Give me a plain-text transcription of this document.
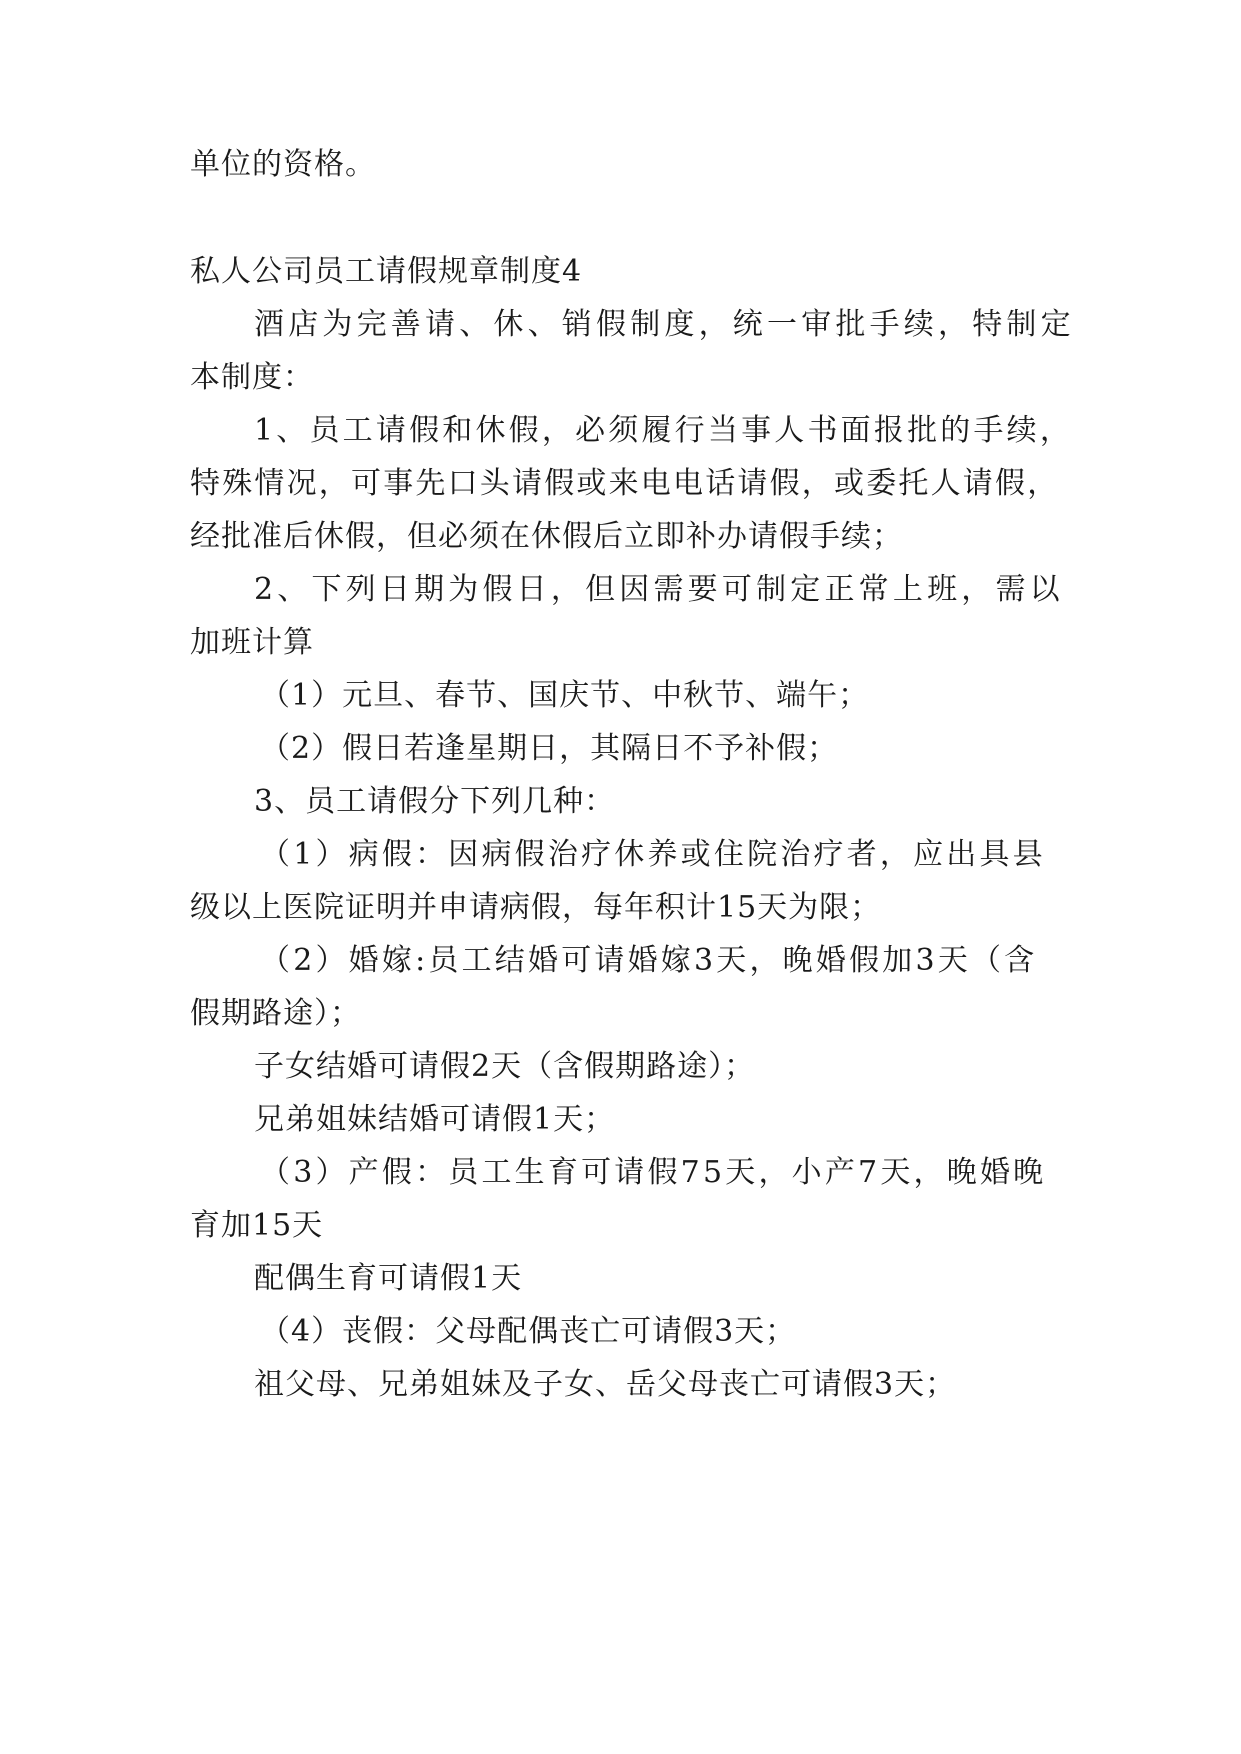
单位的资格。
私人公司员工请假规章制度4
酒店为完善请、休、销假制度，统一审批手续，特制定
本制度：
1、员工请假和休假，必须履行当事人书面报批的手续，
特殊情况，可事先口头请假或来电电话请假，或委托人请假，
经批准后休假，但必须在休假后立即补办请假手续；
2、下列日期为假日，但因需要可制定正常上班，需以
加班计算
（1）元旦、春节、国庆节、中秋节、端午；
（2）假日若逢星期日，其隔日不予补假；
3、员工请假分下列几种：
（1）病假：因病假治疗休养或住院治疗者，应出具县
级以上医院证明并申请病假，每年积计15天为限；
（2）婚嫁:员工结婚可请婚嫁3天，晚婚假加3天（含
假期路途）；
子女结婚可请假2天（含假期路途）；
兄弟姐妹结婚可请假1天；
（3）产假：员工生育可请假75天，小产7天，晚婚晚
育加15天
配偶生育可请假1天
（4）丧假：父母配偶丧亡可请假3天；
祖父母、兄弟姐妹及子女、岳父母丧亡可请假3天；
